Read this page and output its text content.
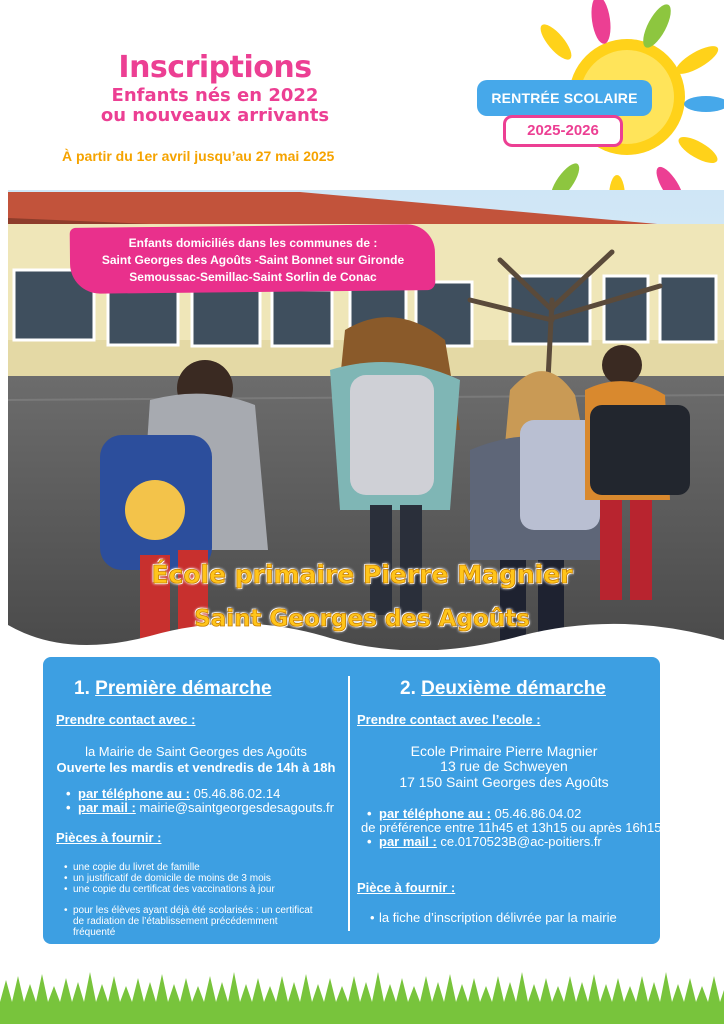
Inscriptions
Enfants nés en 2022
ou nouveaux arrivants
À partir du 1er avril jusqu’au 27 mai 2025
RENTRÉE SCOLAIRE
2025-2026
Enfants domiciliés dans les communes de :
Saint Georges des Agoûts -Saint Bonnet sur Gironde
Semoussac-Semillac-Saint Sorlin de Conac
École primaire Pierre Magnier
Saint Georges des Agoûts
1. Première démarche
Prendre contact avec :
la Mairie de Saint Georges des Agoûts
Ouverte les mardis et vendredis de 14h à 18h
• par téléphone au : 05.46.86.02.14
• par mail : mairie@saintgeorgesdesagouts.fr
Pièces à fournir :
• une copie du livret de famille
• un justificatif de domicile de moins de 3 mois
• une copie du certificat des vaccinations à jour
• pour les élèves ayant déjà été scolarisés : un certificat
de radiation de l’établissement précédemment
fréquenté
2. Deuxième démarche
Prendre contact avec l’ecole :
Ecole Primaire Pierre Magnier
13 rue de Schweyen
17 150 Saint Georges des Agoûts
• par téléphone au : 05.46.86.04.02
de préférence entre 11h45 et 13h15 ou après 16h15
• par mail : ce.0170523B@ac-poitiers.fr
Pièce à fournir :
• la fiche d’inscription délivrée par la mairie
